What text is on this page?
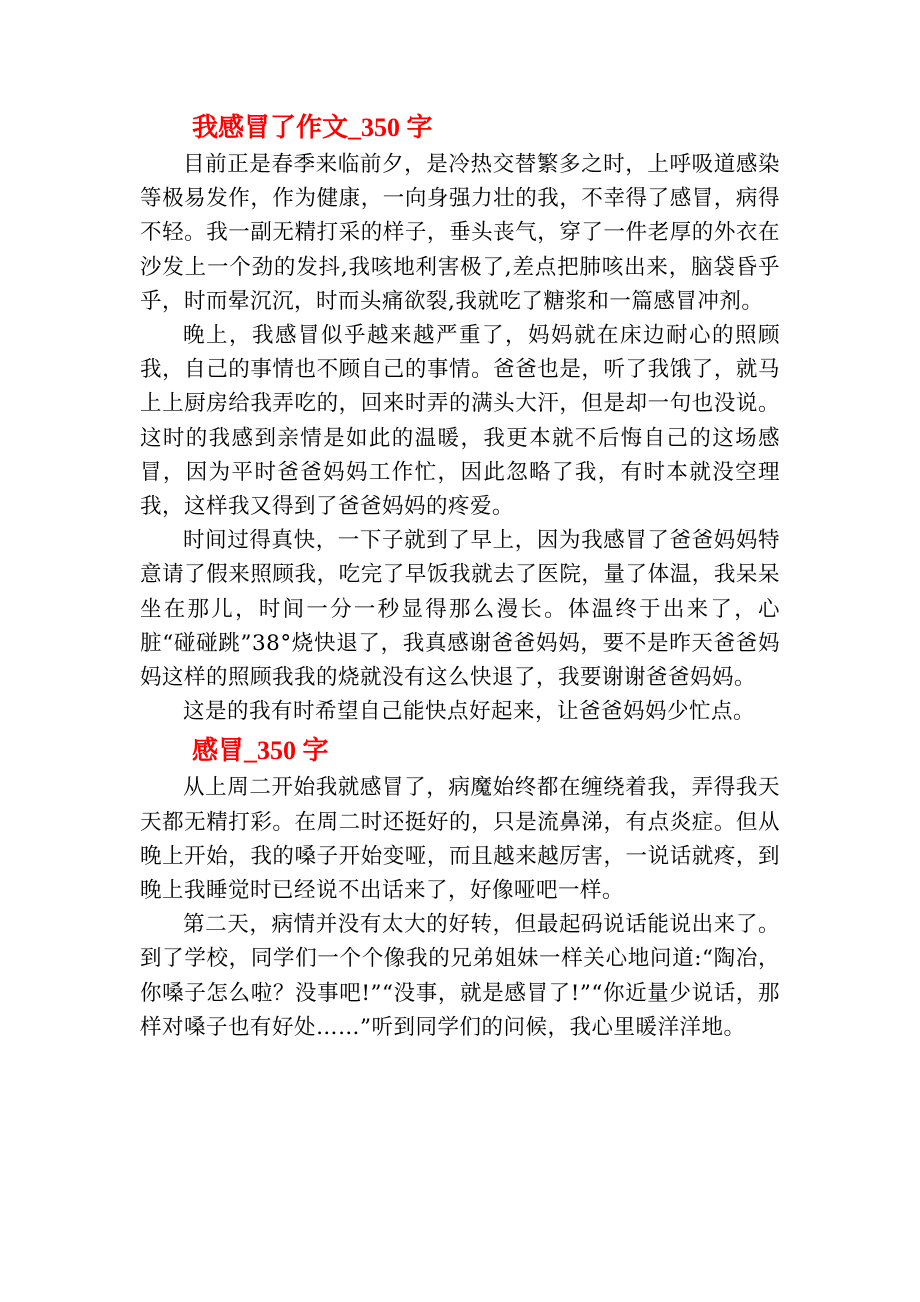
我感冒了作文_350 字

目前正是春季来临前夕，是冷热交替繁多之时，上呼吸道感染等极易发作，作为健康，一向身强力壮的我，不幸得了感冒，病得不轻。我一副无精打采的样子，垂头丧气，穿了一件老厚的外衣在沙发上一个劲的发抖,我咳地利害极了,差点把肺咳出来，脑袋昏乎乎，时而晕沉沉，时而头痛欲裂,我就吃了糖浆和一篇感冒冲剂。

晚上，我感冒似乎越来越严重了，妈妈就在床边耐心的照顾我，自己的事情也不顾自己的事情。爸爸也是，听了我饿了，就马上上厨房给我弄吃的，回来时弄的满头大汗，但是却一句也没说。这时的我感到亲情是如此的温暖，我更本就不后悔自己的这场感冒，因为平时爸爸妈妈工作忙，因此忽略了我，有时本就没空理我，这样我又得到了爸爸妈妈的疼爱。

时间过得真快，一下子就到了早上，因为我感冒了爸爸妈妈特意请了假来照顾我，吃完了早饭我就去了医院，量了体温，我呆呆坐在那儿，时间一分一秒显得那么漫长。体温终于出来了，心脏“碰碰跳”38°烧快退了，我真感谢爸爸妈妈，要不是昨天爸爸妈妈这样的照顾我我的烧就没有这么快退了，我要谢谢爸爸妈妈。

这是的我有时希望自己能快点好起来，让爸爸妈妈少忙点。

感冒_350 字

从上周二开始我就感冒了，病魔始终都在缠绕着我，弄得我天天都无精打彩。在周二时还挺好的，只是流鼻涕，有点炎症。但从晚上开始，我的嗓子开始变哑，而且越来越厉害，一说话就疼，到晚上我睡觉时已经说不出话来了，好像哑吧一样。

第二天，病情并没有太大的好转，但最起码说话能说出来了。到了学校，同学们一个个像我的兄弟姐妹一样关心地问道:“陶冶，你嗓子怎么啦？没事吧!”“没事，就是感冒了!”“你近量少说话，那样对嗓子也有好处……”听到同学们的问候，我心里暖洋洋地。
